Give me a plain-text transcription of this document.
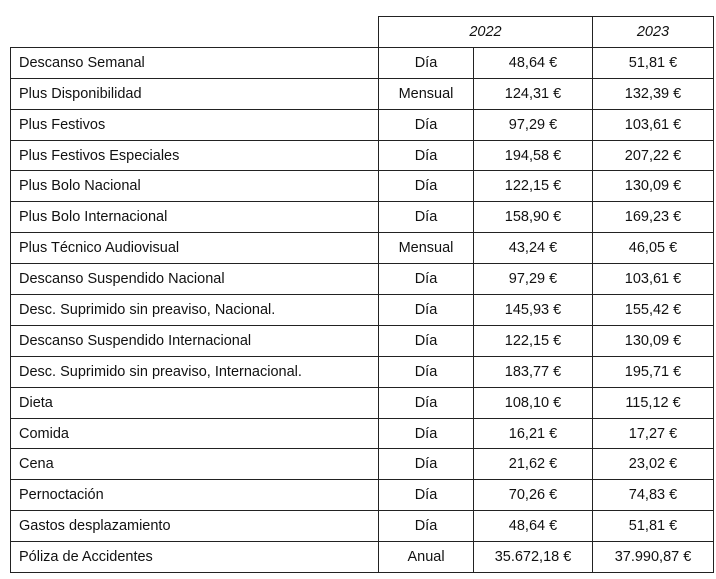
	2022		2023
Descanso Semanal	Día	48,64 €	51,81 €
Plus Disponibilidad	Mensual	124,31 €	132,39 €
Plus Festivos	Día	97,29 €	103,61 €
Plus Festivos Especiales	Día	194,58 €	207,22 €
Plus Bolo Nacional	Día	122,15 €	130,09 €
Plus Bolo Internacional	Día	158,90 €	169,23 €
Plus Técnico Audiovisual	Mensual	43,24 €	46,05 €
Descanso Suspendido Nacional	Día	97,29 €	103,61 €
Desc. Suprimido sin preaviso, Nacional.	Día	145,93 €	155,42 €
Descanso Suspendido Internacional	Día	122,15 €	130,09 €
Desc. Suprimido sin preaviso, Internacional.	Día	183,77 €	195,71 €
Dieta	Día	108,10 €	115,12 €
Comida	Día	16,21 €	17,27 €
Cena	Día	21,62 €	23,02 €
Pernoctación	Día	70,26 €	74,83 €
Gastos desplazamiento	Día	48,64 €	51,81 €
Póliza de Accidentes	Anual	35.672,18 €	37.990,87 €
